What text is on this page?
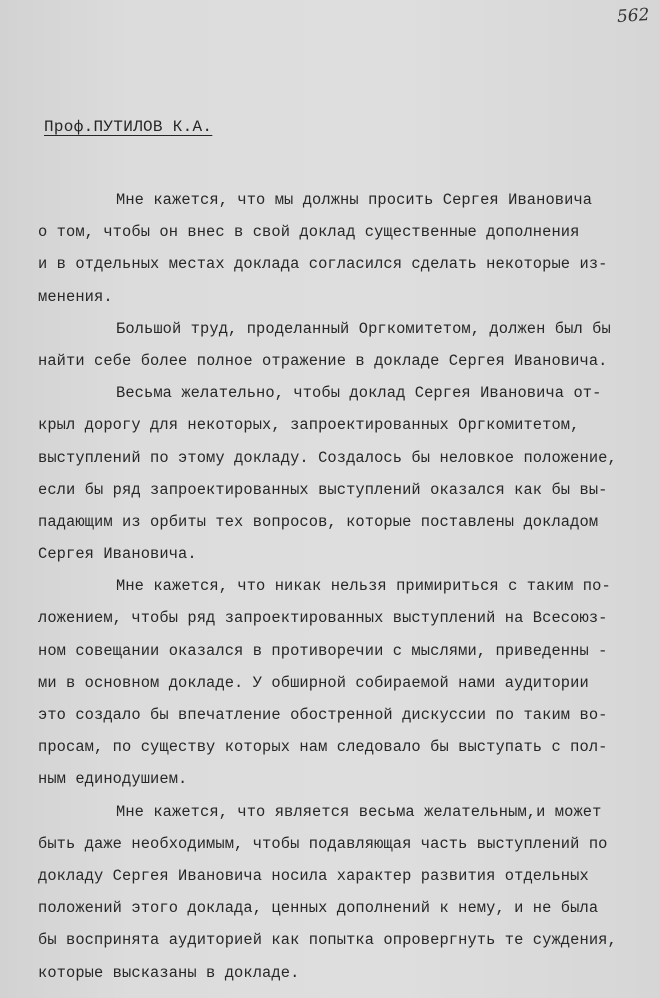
562
Проф.ПУТИЛОВ К.А.
Мне кажется, что мы должны просить Сергея Ивановича
о том, чтобы он внес в свой доклад существенные дополнения
и в отдельных местах доклада согласился сделать некоторые из-
менения.
Большой труд, проделанный Оргкомитетом, должен был бы
найти себе более полное отражение в докладе Сергея Ивановича.
Весьма желательно, чтобы доклад Сергея Ивановича от-
крыл дорогу для некоторых, запроектированных Оргкомитетом,
выступлений по этому докладу. Создалось бы неловкое положение,
если бы ряд запроектированных выступлений оказался как бы вы-
падающим из орбиты тех вопросов, которые поставлены докладом
Сергея Ивановича.
Мне кажется, что никак нельзя примириться с таким по-
ложением, чтобы ряд запроектированных выступлений на Всесоюз-
ном совещании оказался в противоречии с мыслями, приведенны -
ми в основном докладе. У обширной собираемой нами аудитории
это создало бы впечатление обостренной дискуссии по таким во-
просам, по существу которых нам следовало бы выступать с пол-
ным единодушием.
Мне кажется, что является весьма желательным,и может
быть даже необходимым, чтобы подавляющая часть выступлений по
докладу Сергея Ивановича носила характер развития отдельных
положений этого доклада, ценных дополнений к нему, и не была
бы воспринята аудиторией как попытка опровергнуть те суждения,
которые высказаны в докладе.
